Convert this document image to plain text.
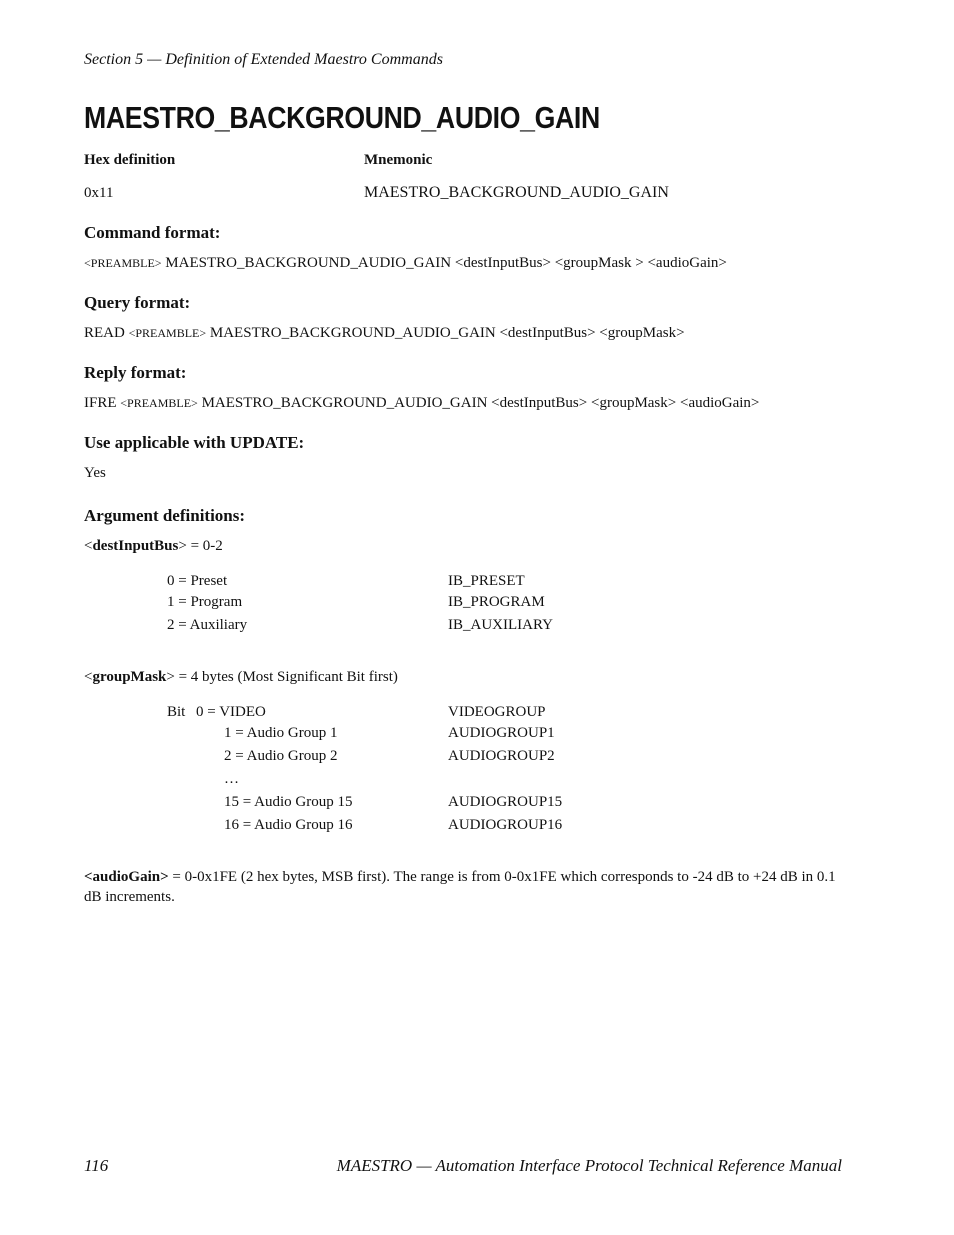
Section 5 — Definition of Extended Maestro Commands
MAESTRO_BACKGROUND_AUDIO_GAIN
Hex definition	Mnemonic
0x11	MAESTRO_BACKGROUND_AUDIO_GAIN
Command format:
<PREAMBLE> MAESTRO_BACKGROUND_AUDIO_GAIN <destInputBus> <groupMask > <audioGain>
Query format:
READ <PREAMBLE> MAESTRO_BACKGROUND_AUDIO_GAIN <destInputBus> <groupMask>
Reply format:
IFRE <PREAMBLE> MAESTRO_BACKGROUND_AUDIO_GAIN <destInputBus> <groupMask> <audioGain>
Use applicable with UPDATE:
Yes
Argument definitions:
<destInputBus> = 0-2
0 = Preset	IB_PRESET
1 = Program	IB_PROGRAM
2 = Auxiliary	IB_AUXILIARY
<groupMask> = 4 bytes (Most Significant Bit first)
Bit 0 = VIDEO	VIDEOGROUP
1 = Audio Group 1	AUDIOGROUP1
2 = Audio Group 2	AUDIOGROUP2
…
15 = Audio Group 15	AUDIOGROUP15
16 = Audio Group 16	AUDIOGROUP16
<audioGain> = 0-0x1FE (2 hex bytes, MSB first). The range is from 0-0x1FE which corresponds to -24 dB to +24 dB in 0.1 dB increments.
116	MAESTRO — Automation Interface Protocol Technical Reference Manual
